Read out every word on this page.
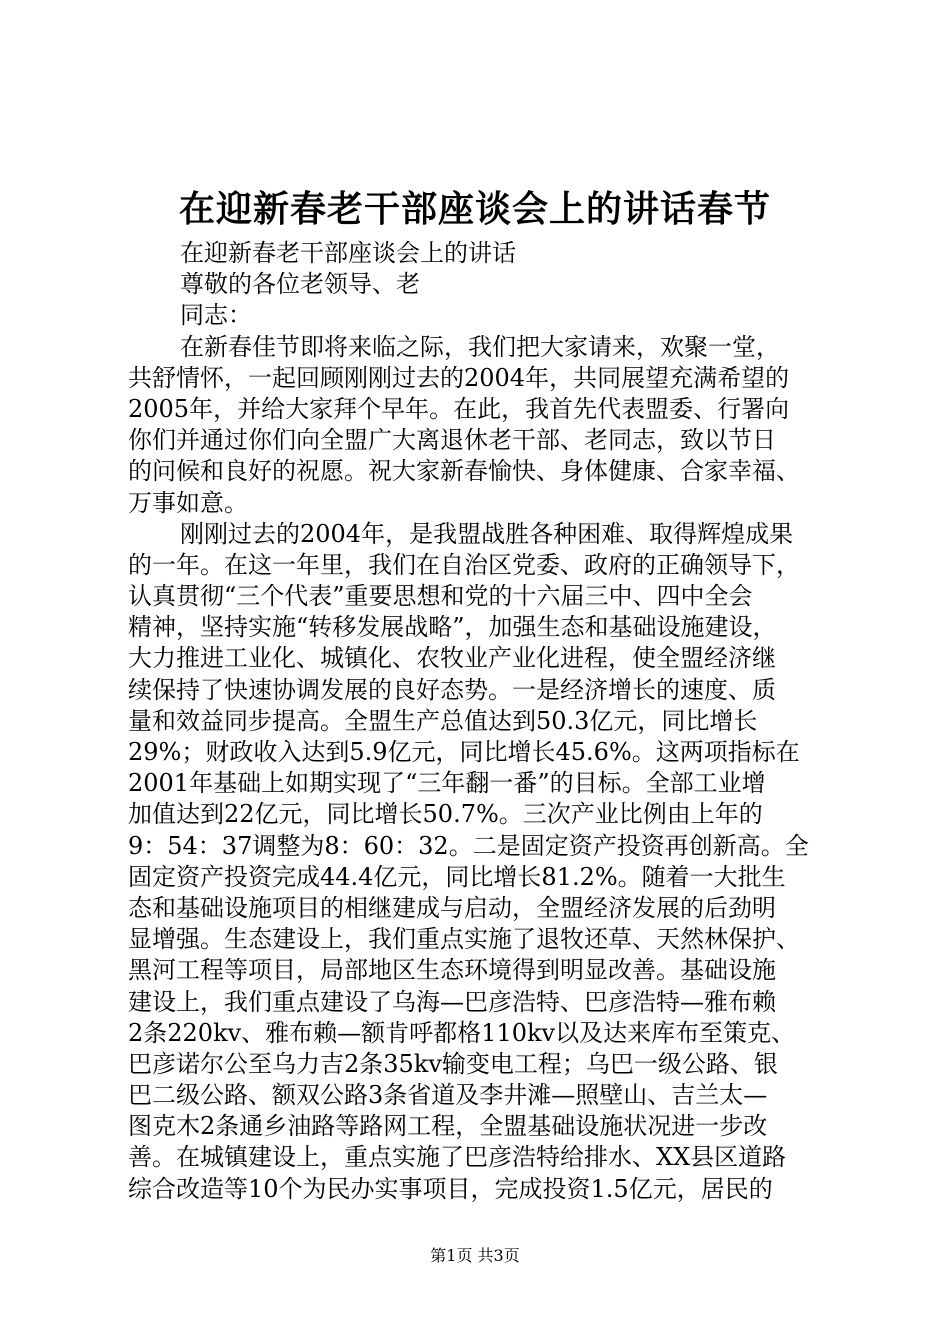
在迎新春老干部座谈会上的讲话春节
在迎新春老干部座谈会上的讲话
尊敬的各位老领导、老
同志：
在新春佳节即将来临之际，我们把大家请来，欢聚一堂，
共舒情怀，一起回顾刚刚过去的2004年，共同展望充满希望的
2005年，并给大家拜个早年。在此，我首先代表盟委、行署向
你们并通过你们向全盟广大离退休老干部、老同志，致以节日
的问候和良好的祝愿。祝大家新春愉快、身体健康、合家幸福、
万事如意。
刚刚过去的2004年，是我盟战胜各种困难、取得辉煌成果
的一年。在这一年里，我们在自治区党委、政府的正确领导下，
认真贯彻“三个代表”重要思想和党的十六届三中、四中全会
精神，坚持实施“转移发展战略”，加强生态和基础设施建设，
大力推进工业化、城镇化、农牧业产业化进程，使全盟经济继
续保持了快速协调发展的良好态势。一是经济增长的速度、质
量和效益同步提高。全盟生产总值达到50.3亿元，同比增长
29%；财政收入达到5.9亿元，同比增长45.6%。这两项指标在
2001年基础上如期实现了“三年翻一番”的目标。全部工业增
加值达到22亿元，同比增长50.7%。三次产业比例由上年的
9：54：37调整为8：60：32。二是固定资产投资再创新高。全
固定资产投资完成44.4亿元，同比增长81.2%。随着一大批生
态和基础设施项目的相继建成与启动，全盟经济发展的后劲明
显增强。生态建设上，我们重点实施了退牧还草、天然林保护、
黑河工程等项目，局部地区生态环境得到明显改善。基础设施
建设上，我们重点建设了乌海—巴彦浩特、巴彦浩特—雅布赖
2条220kv、雅布赖—额肯呼都格110kv以及达来库布至策克、
巴彦诺尔公至乌力吉2条35kv输变电工程；乌巴一级公路、银
巴二级公路、额双公路3条省道及李井滩—照壁山、吉兰太—
图克木2条通乡油路等路网工程，全盟基础设施状况进一步改
善。在城镇建设上，重点实施了巴彦浩特给排水、XX县区道路
综合改造等10个为民办实事项目，完成投资1.5亿元，居民的
第1页 共3页
